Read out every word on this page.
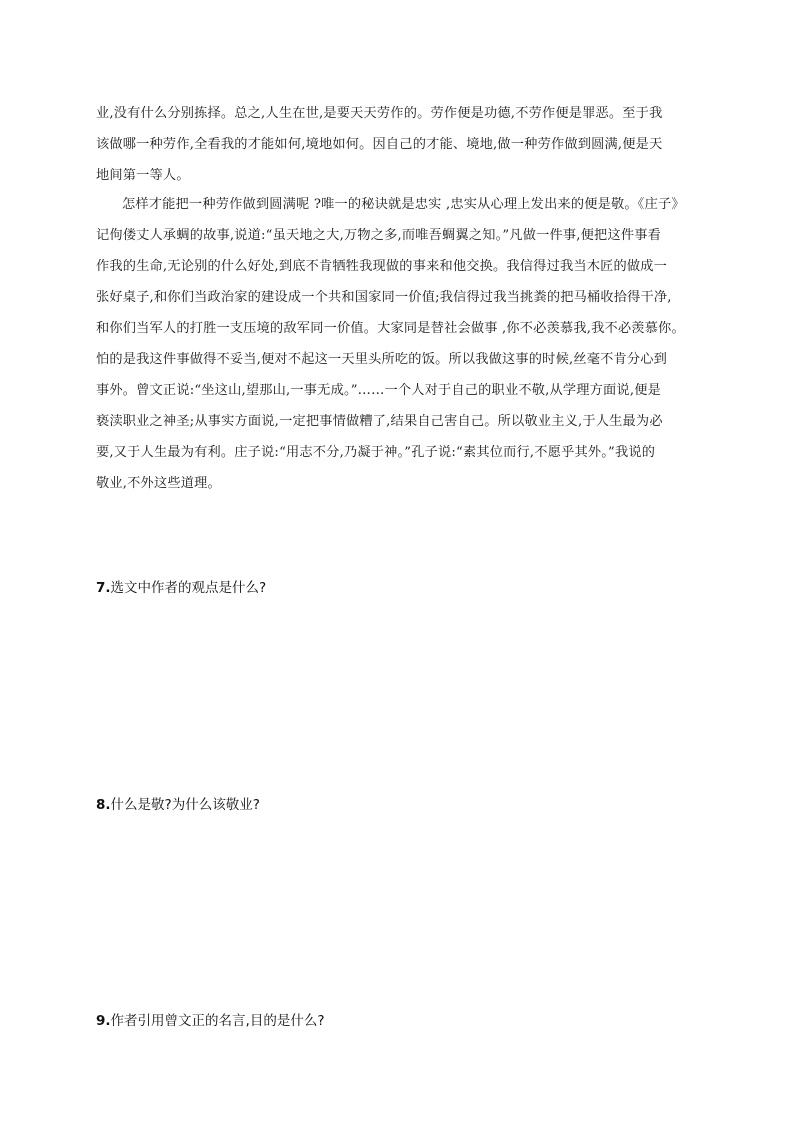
业,没有什么分别拣择。总之,人生在世,是要天天劳作的。劳作便是功德,不劳作便是罪恶。至于我
该做哪一种劳作,全看我的才能如何,境地如何。因自己的才能、境地,做一种劳作做到圆满,便是天
地间第一等人。
怎样才能把一种劳作做到圆满呢 ?唯一的秘诀就是忠实 ,忠实从心理上发出来的便是敬。《庄子》
记佝偻丈人承蜩的故事,说道:“虽天地之大,万物之多,而唯吾蜩翼之知。”凡做一件事,便把这件事看
作我的生命,无论别的什么好处,到底不肯牺牲我现做的事来和他交换。我信得过我当木匠的做成一
张好桌子,和你们当政治家的建设成一个共和国家同一价值;我信得过我当挑粪的把马桶收拾得干净,
和你们当军人的打胜一支压境的敌军同一价值。大家同是替社会做事 ,你不必羡慕我,我不必羡慕你。
怕的是我这件事做得不妥当,便对不起这一天里头所吃的饭。所以我做这事的时候,丝毫不肯分心到
事外。曾文正说:“坐这山,望那山,一事无成。”……一个人对于自己的职业不敬,从学理方面说,便是
亵渎职业之神圣;从事实方面说,一定把事情做糟了,结果自己害自己。所以敬业主义,于人生最为必
要,又于人生最为有利。庄子说:“用志不分,乃凝于神。”孔子说:“素其位而行,不愿乎其外。”我说的
敬业,不外这些道理。

7.选文中作者的观点是什么?

8.什么是敬?为什么该敬业?

9.作者引用曾文正的名言,目的是什么?
